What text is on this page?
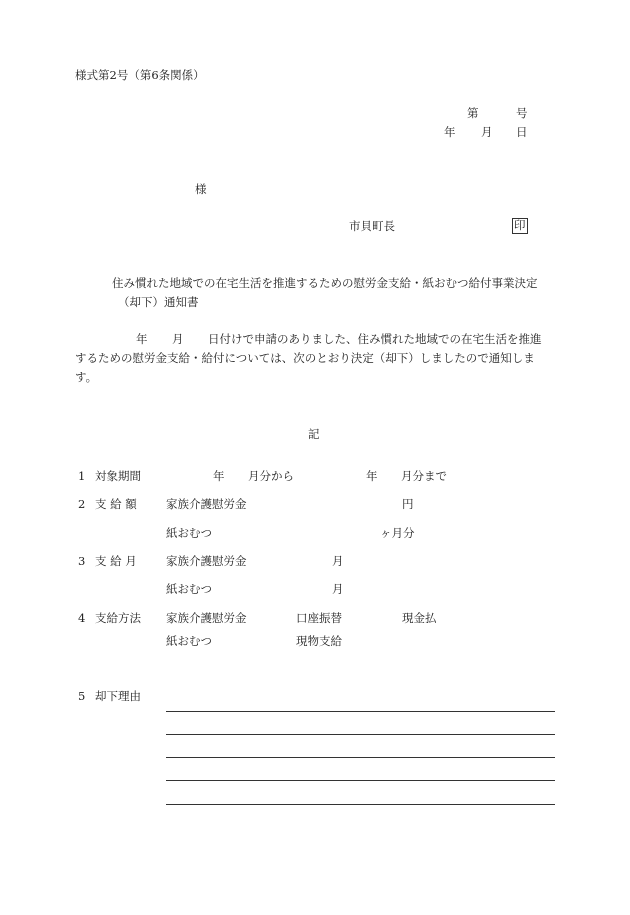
様式第2号（第6条関係）
第	号
年 月 日
様
市貝町長	印
住み慣れた地域での在宅生活を推進するための慰労金支給・紙おむつ給付事業決定
（却下）通知書
年 月 日付けで申請のありました、住み慣れた地域での在宅生活を推進
するための慰労金支給・給付については、次のとおり決定（却下）しましたので通知しま
す。
記
1 対象期間	年 月分から	年 月分まで
2 支 給 額	家族介護慰労金	円
紙おむつ	ヶ月分
3 支 給 月	家族介護慰労金	月
紙おむつ	月
4 支給方法 家族介護慰労金	口座振替	現金払
紙おむつ	現物支給
5 却下理由
